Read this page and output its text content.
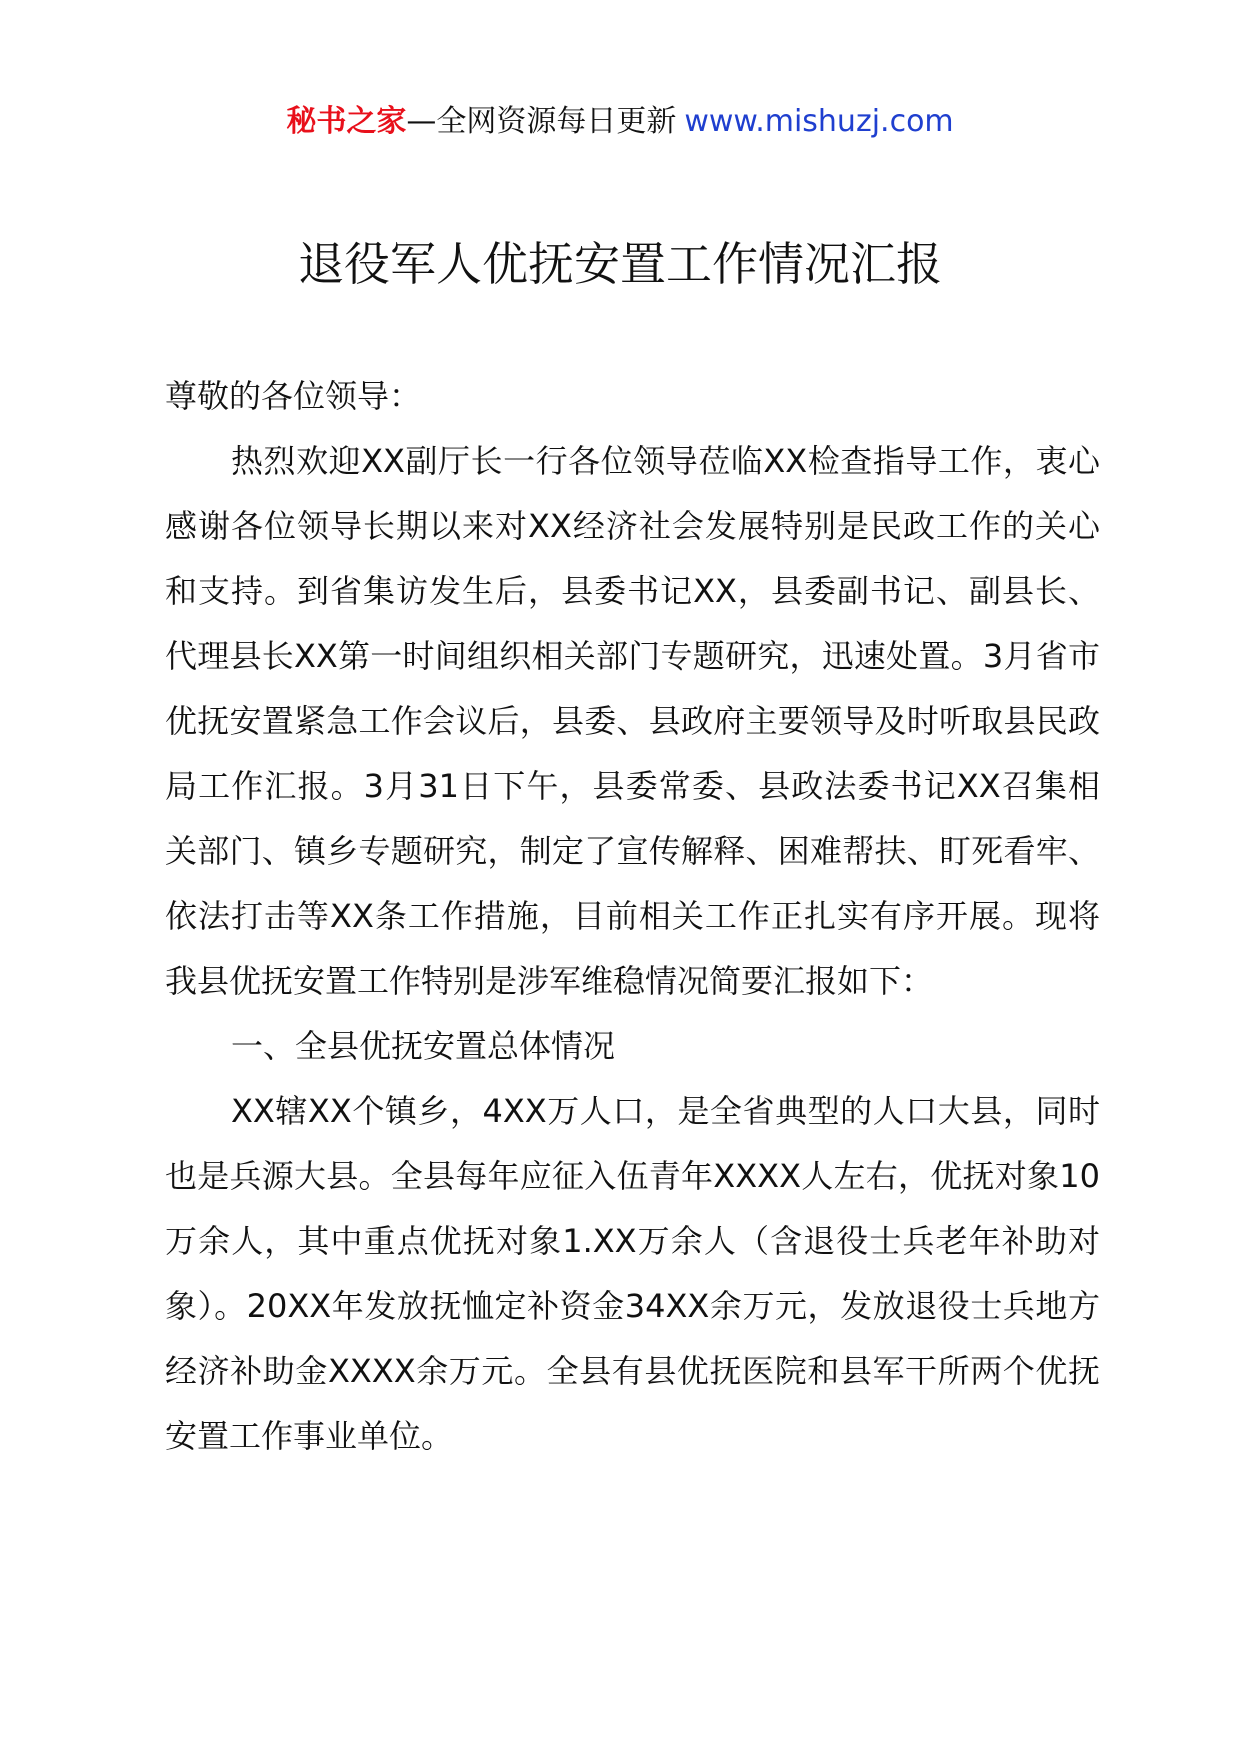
秘书之家—全网资源每日更新 www.mishuzj.com
退役军人优抚安置工作情况汇报

尊敬的各位领导：

热烈欢迎XX副厅长一行各位领导莅临XX检查指导工作，衷心感谢各位领导长期以来对XX经济社会发展特别是民政工作的关心和支持。到省集访发生后，县委书记XX，县委副书记、副县长、代理县长XX第一时间组织相关部门专题研究，迅速处置。3月省市优抚安置紧急工作会议后，县委、县政府主要领导及时听取县民政局工作汇报。3月31日下午，县委常委、县政法委书记XX召集相关部门、镇乡专题研究，制定了宣传解释、困难帮扶、盯死看牢、依法打击等XX条工作措施，目前相关工作正扎实有序开展。现将我县优抚安置工作特别是涉军维稳情况简要汇报如下：

一、全县优抚安置总体情况

XX辖XX个镇乡，4XX万人口，是全省典型的人口大县，同时也是兵源大县。全县每年应征入伍青年XXXX人左右，优抚对象10万余人，其中重点优抚对象1.XX万余人（含退役士兵老年补助对象）。20XX年发放抚恤定补资金34XX余万元，发放退役士兵地方经济补助金XXXX余万元。全县有县优抚医院和县军干所两个优抚安置工作事业单位。
